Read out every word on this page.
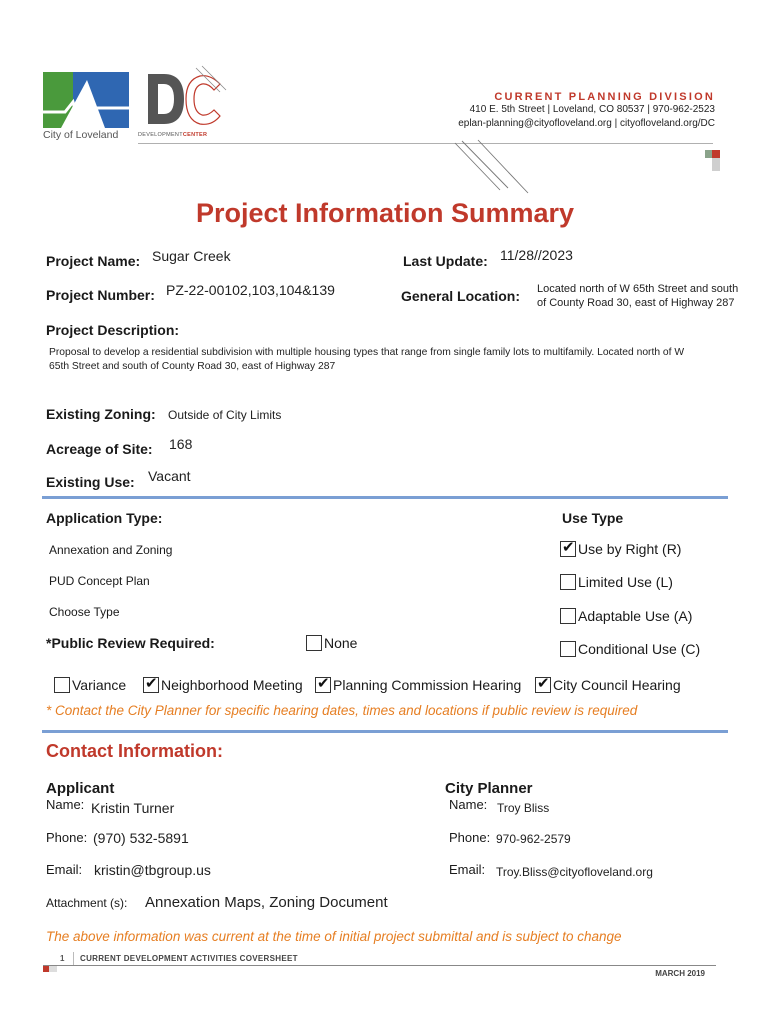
City of Loveland	DEVELOPMENTCENTER
CURRENT PLANNING DIVISION
410 E. 5th Street | Loveland, CO 80537 | 970-962-2523
eplan-planning@cityofloveland.org | cityofloveland.org/DC
Project Information Summary
Project Name: Sugar Creek	Last Update: 11/28//2023
Project Number: PZ-22-00102,103,104&139	General Location: Located north of W 65th Street and south
of County Road 30, east of Highway 287
Project Description:
Proposal to develop a residential subdivision with multiple housing types that range from single family lots to multifamily. Located north of W
65th Street and south of County Road 30, east of Highway 287
Existing Zoning: Outside of City Limits
Acreage of Site: 168
Existing Use: Vacant
Application Type:	Use Type
Annexation and Zoning
PUD Concept Plan
Choose Type
✔ Use by Right (R)
Limited Use (L)
Adaptable Use (A)
Conditional Use (C)
*Public Review Required:	None
Variance ✔ Neighborhood Meeting ✔ Planning Commission Hearing ✔ City Council Hearing
* Contact the City Planner for specific hearing dates, times and locations if public review is required
Contact Information:
Applicant	City Planner
Name: Kristin Turner	Name: Troy Bliss
Phone: (970) 532-5891	Phone: 970-962-2579
Email: kristin@tbgroup.us	Email: Troy.Bliss@cityofloveland.org
Attachment (s): Annexation Maps, Zoning Document
The above information was current at the time of initial project submittal and is subject to change
1 CURRENT DEVELOPMENT ACTIVITIES COVERSHEET
MARCH 2019
